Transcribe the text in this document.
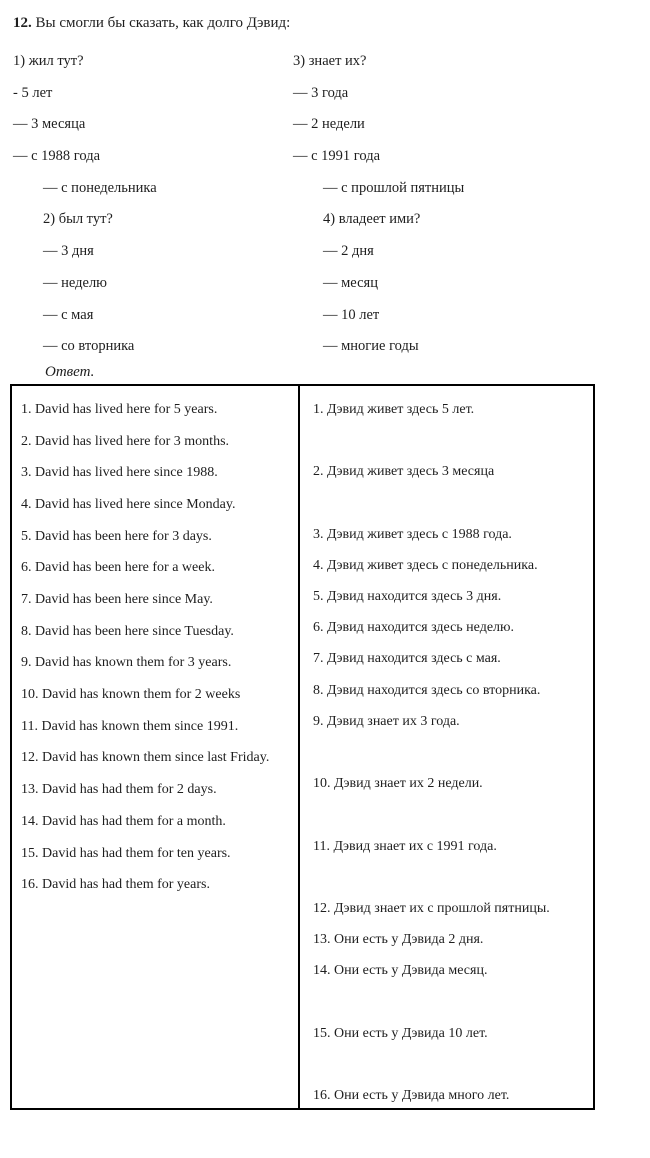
12. Вы смогли бы сказать, как долго Дэвид:
1) жил тут?
- 5 лет
— 3 месяца
— с 1988 года
— с понедельника
2) был тут?
— 3 дня
— неделю
— с мая
— со вторника
3) знает их?
— 3 года
— 2 недели
— с 1991 года
— с прошлой пятницы
4) владеет ими?
— 2 дня
— месяц
— 10 лет
— многие годы
Ответ.
1. David has lived here for 5 years.
2. David has lived here for 3 months.
3. David has lived here since 1988.
4. David has lived here since Monday.
5. David has been here for 3 days.
6. David has been here for a week.
7. David has been here since May.
8. David has been here since Tuesday.
9. David has known them for 3 years.
10. David has known them for 2 weeks
11. David has known them since 1991.
12. David has known them since last Friday.
13. David has had them for 2 days.
14. David has had them for a month.
15. David has had them for ten years.
16. David has had them for years.
1. Дэвид живет здесь 5 лет.
2. Дэвид живет здесь 3 месяца
3. Дэвид живет здесь с 1988 года.
4. Дэвид живет здесь с понедельника.
5. Дэвид находится здесь 3 дня.
6. Дэвид находится здесь неделю.
7. Дэвид находится здесь с мая.
8. Дэвид находится здесь со вторника.
9. Дэвид знает их 3 года.
10. Дэвид знает их 2 недели.
11. Дэвид знает их с 1991 года.
12. Дэвид знает их с прошлой пятницы.
13. Они есть у Дэвида 2 дня.
14. Они есть у Дэвида месяц.
15. Они есть у Дэвида 10 лет.
16. Они есть у Дэвида много лет.
